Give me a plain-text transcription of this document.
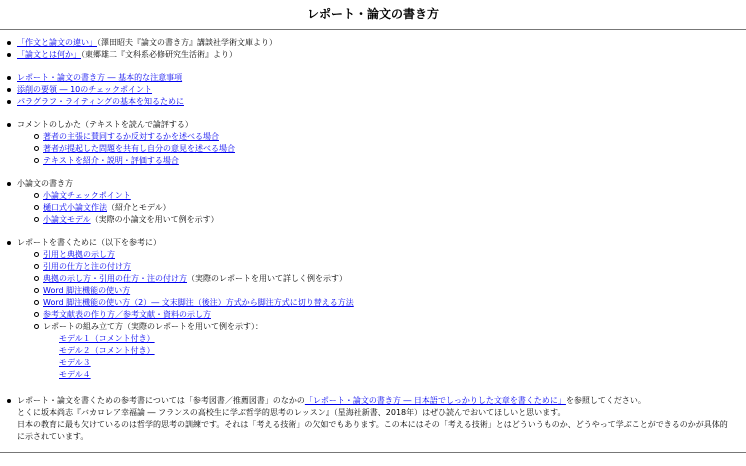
レポート・論文の書き方
「作文と論文の違い」（澤田昭夫『論文の書き方』講談社学術文庫より）
「論文とは何か」（東郷雄二『文科系必修研究生活術』より）
レポート・論文の書き方 ― 基本的な注意事項
添削の要領 ― 10のチェックポイント
パラグラフ・ライティングの基本を知るために
コメントのしかた（テキストを読んで論評する）
著者の主張に賛同するか反対するかを述べる場合
著者が提起した問題を共有し自分の意見を述べる場合
テキストを紹介・説明・評価する場合
小論文の書き方
小論文チェックポイント
樋口式小論文作法（紹介とモデル）
小論文モデル（実際の小論文を用いて例を示す）
レポートを書くために（以下を参考に）
引用と典拠の示し方
引用の仕方と注の付け方
典拠の示し方・引用の仕方・注の付け方（実際のレポートを用いて詳しく例を示す）
Word 脚注機能の使い方
Word 脚注機能の使い方（2）― 文末脚注（後注）方式から脚注方式に切り替える方法
参考文献表の作り方／参考文献・資料の示し方
レポートの組み立て方（実際のレポートを用いて例を示す）：
モデル１（コメント付き）
モデル２（コメント付き）
モデル３
モデル４
レポート・論文を書くための参考書については「参考図書／推薦図書」のなかの「レポート・論文の書き方 ― 日本語でしっかりした文章を書くために」を参照してください。
とくに坂本尚志『バカロレア幸福論 ― フランスの高校生に学ぶ哲学的思考のレッスン』（星海社新書、2018年）はぜひ読んでおいてほしいと思います。
日本の教育に最も欠けているのは哲学的思考の訓練です。それは「考える技術」の欠如でもあります。この本にはその「考える技術」とはどういうものか、どうやって学ぶことができるのかが具体的に示されています。
